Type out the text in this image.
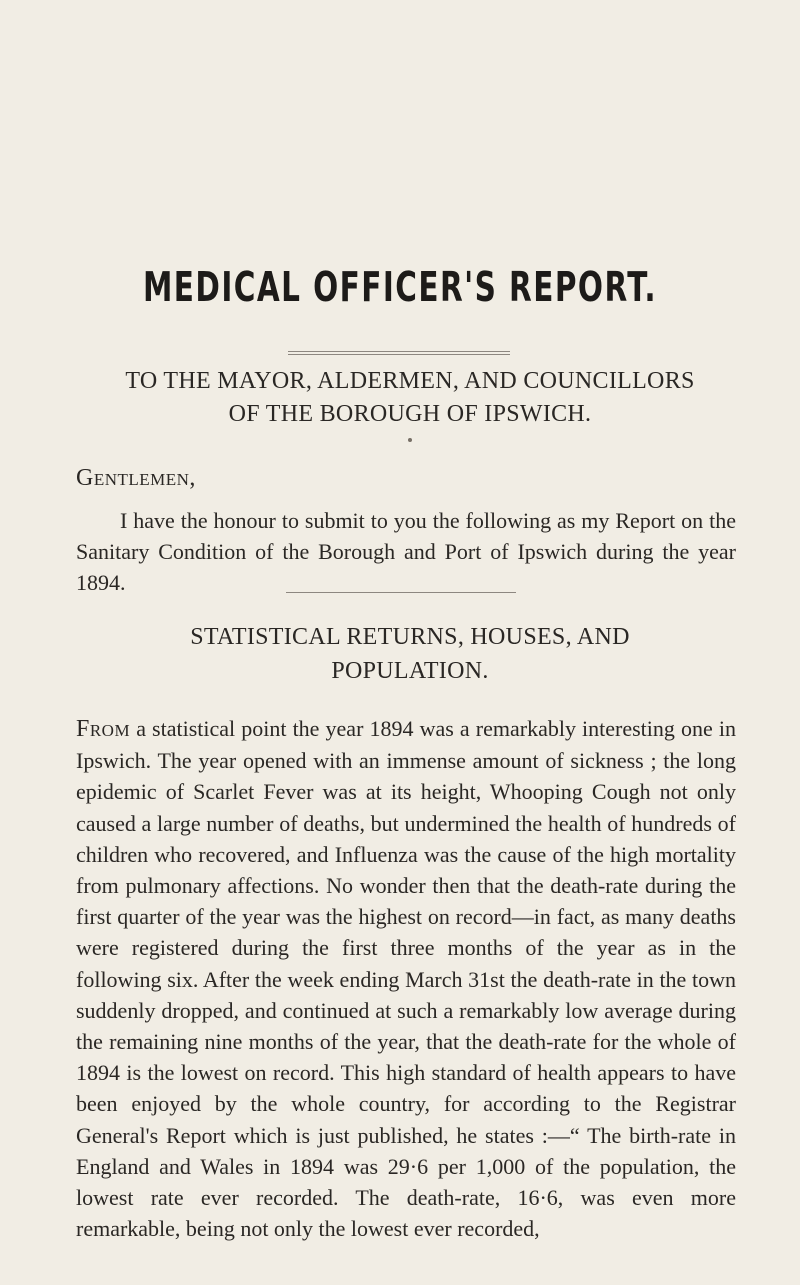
MEDICAL OFFICER'S REPORT.
TO THE MAYOR, ALDERMEN, AND COUNCILLORS
OF THE BOROUGH OF IPSWICH.

Gentlemen,

I have the honour to submit to you the following as my Report on the Sanitary Condition of the Borough and Port of Ipswich during the year 1894.

STATISTICAL RETURNS, HOUSES, AND
POPULATION.

From a statistical point the year 1894 was a remarkably interesting one in Ipswich. The year opened with an immense amount of sickness ; the long epidemic of Scarlet Fever was at its height, Whooping Cough not only caused a large number of deaths, but undermined the health of hundreds of children who recovered, and Influenza was the cause of the high mortality from pulmonary affections. No wonder then that the death-rate during the first quarter of the year was the highest on record—in fact, as many deaths were registered during the first three months of the year as in the following six. After the week ending March 31st the death-rate in the town suddenly dropped, and continued at such a remarkably low average during the remaining nine months of the year, that the death-rate for the whole of 1894 is the lowest on record. This high standard of health appears to have been enjoyed by the whole country, for according to the Registrar General's Report which is just published, he states :—“ The birth-rate in England and Wales in 1894 was 29·6 per 1,000 of the population, the lowest rate ever recorded. The death-rate, 16·6, was even more remarkable, being not only the lowest ever recorded,
